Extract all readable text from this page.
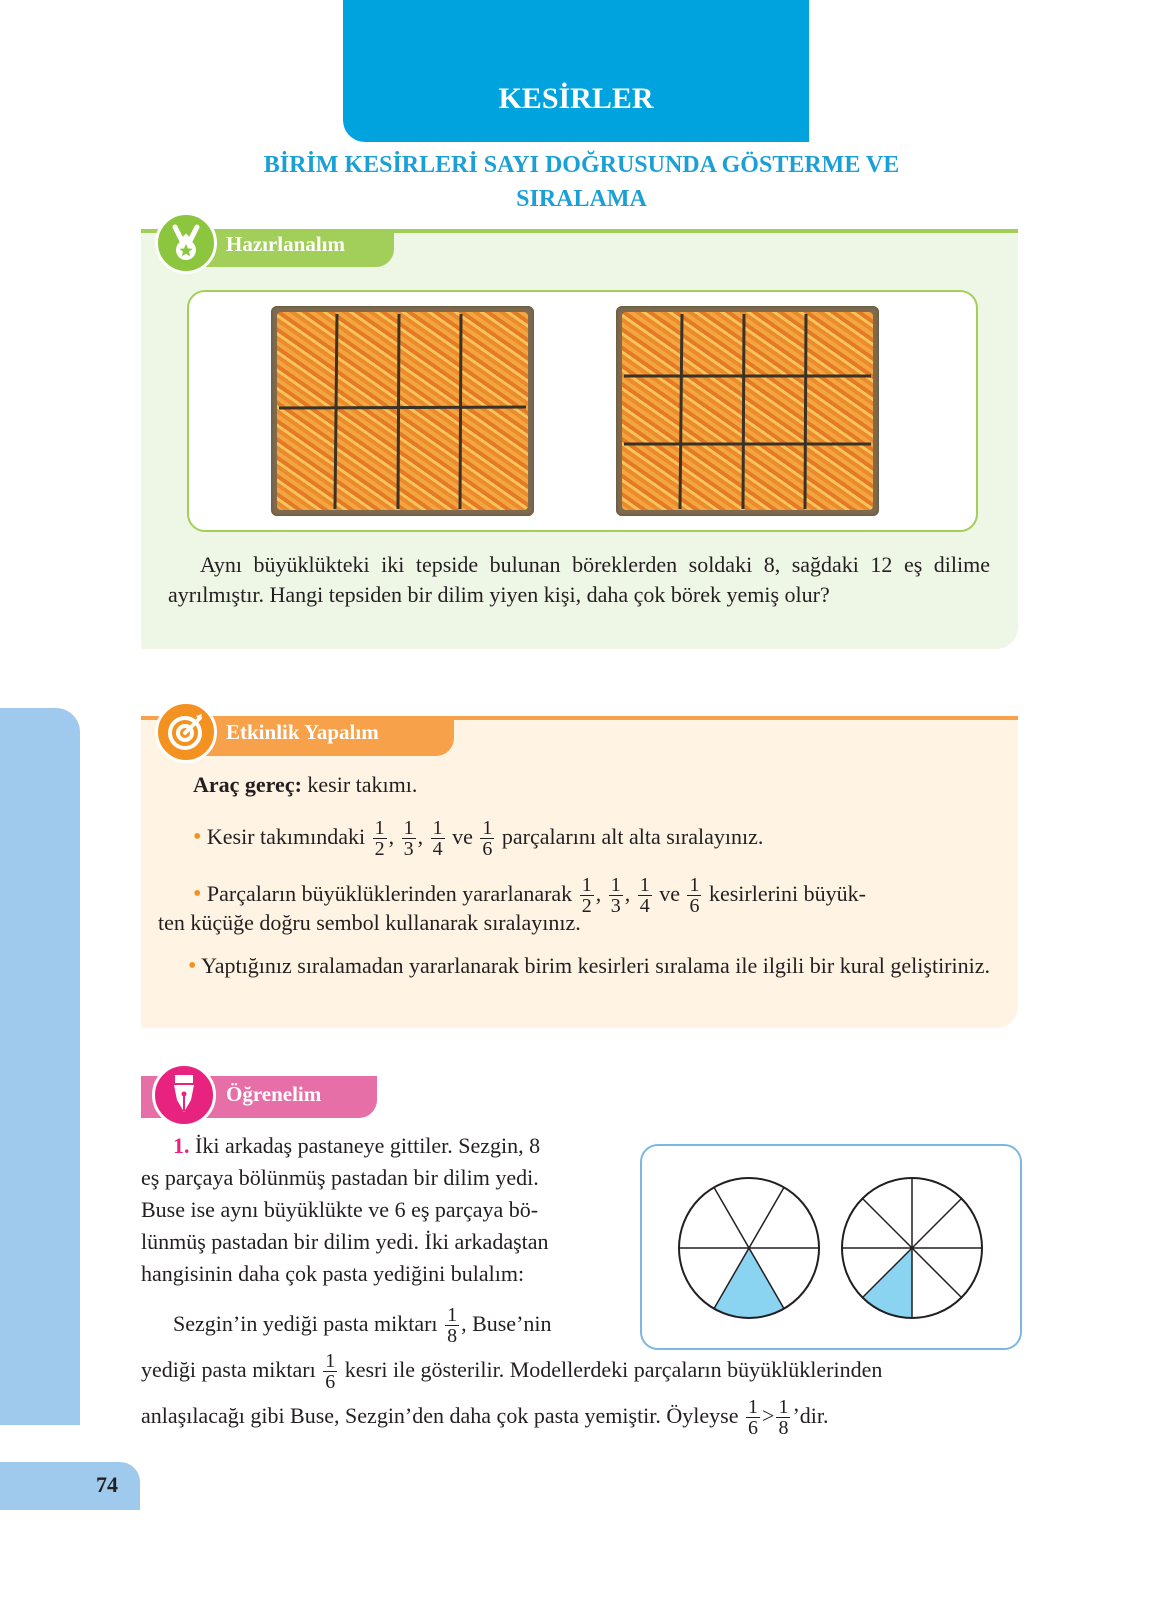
KESİRLER
BİRİM KESİRLERİ SAYI DOĞRUSUNDA GÖSTERME VE
SIRALAMA
74
Hazırlanalım
Aynı büyüklükteki iki tepside bulunan böreklerden soldaki 8, sağdaki 12 eş dilime ayrılmıştır. Hangi tepsiden bir dilim yiyen kişi, daha çok börek yemiş olur?
Etkinlik Yapalım
Araç gereç: kesir takımı.
• Kesir takımındaki $\frac{1}{2}$ , $\frac{1}{3}$ , $\frac{1}{4}$ ve $\frac{1}{6}$ parçalarını alt alta sıralayınız.
• Parçaların büyüklüklerinden yararlanarak $\frac{1}{2}$ , $\frac{1}{3}$ , $\frac{1}{4}$ ve $\frac{1}{6}$ kesirlerini büyük-
ten küçüğe doğru sembol kullanarak sıralayınız.
• Yaptığınız sıralamadan yararlanarak birim kesirleri sıralama ile ilgili bir kural geliştiriniz.
Öğrenelim
1. İki arkadaş pastaneye gittiler. Sezgin, 8
eş parçaya bölünmüş pastadan bir dilim yedi.
Buse ise aynı büyüklükte ve 6 eş parçaya bö-
lünmüş pastadan bir dilim yedi. İki arkadaştan
hangisinin daha çok pasta yediğini bulalım:
Sezgin’in yediği pasta miktarı $\frac{1}{8}$ , Buse’nin
yediği pasta miktarı $\frac{1}{6}$ kesri ile gösterilir. Modellerdeki parçaların büyüklüklerinden
anlaşılacağı gibi Buse, Sezgin’den daha çok pasta yemiştir. Öyleyse $\frac{1}{6} > \frac{1}{8}$ ’dir.
